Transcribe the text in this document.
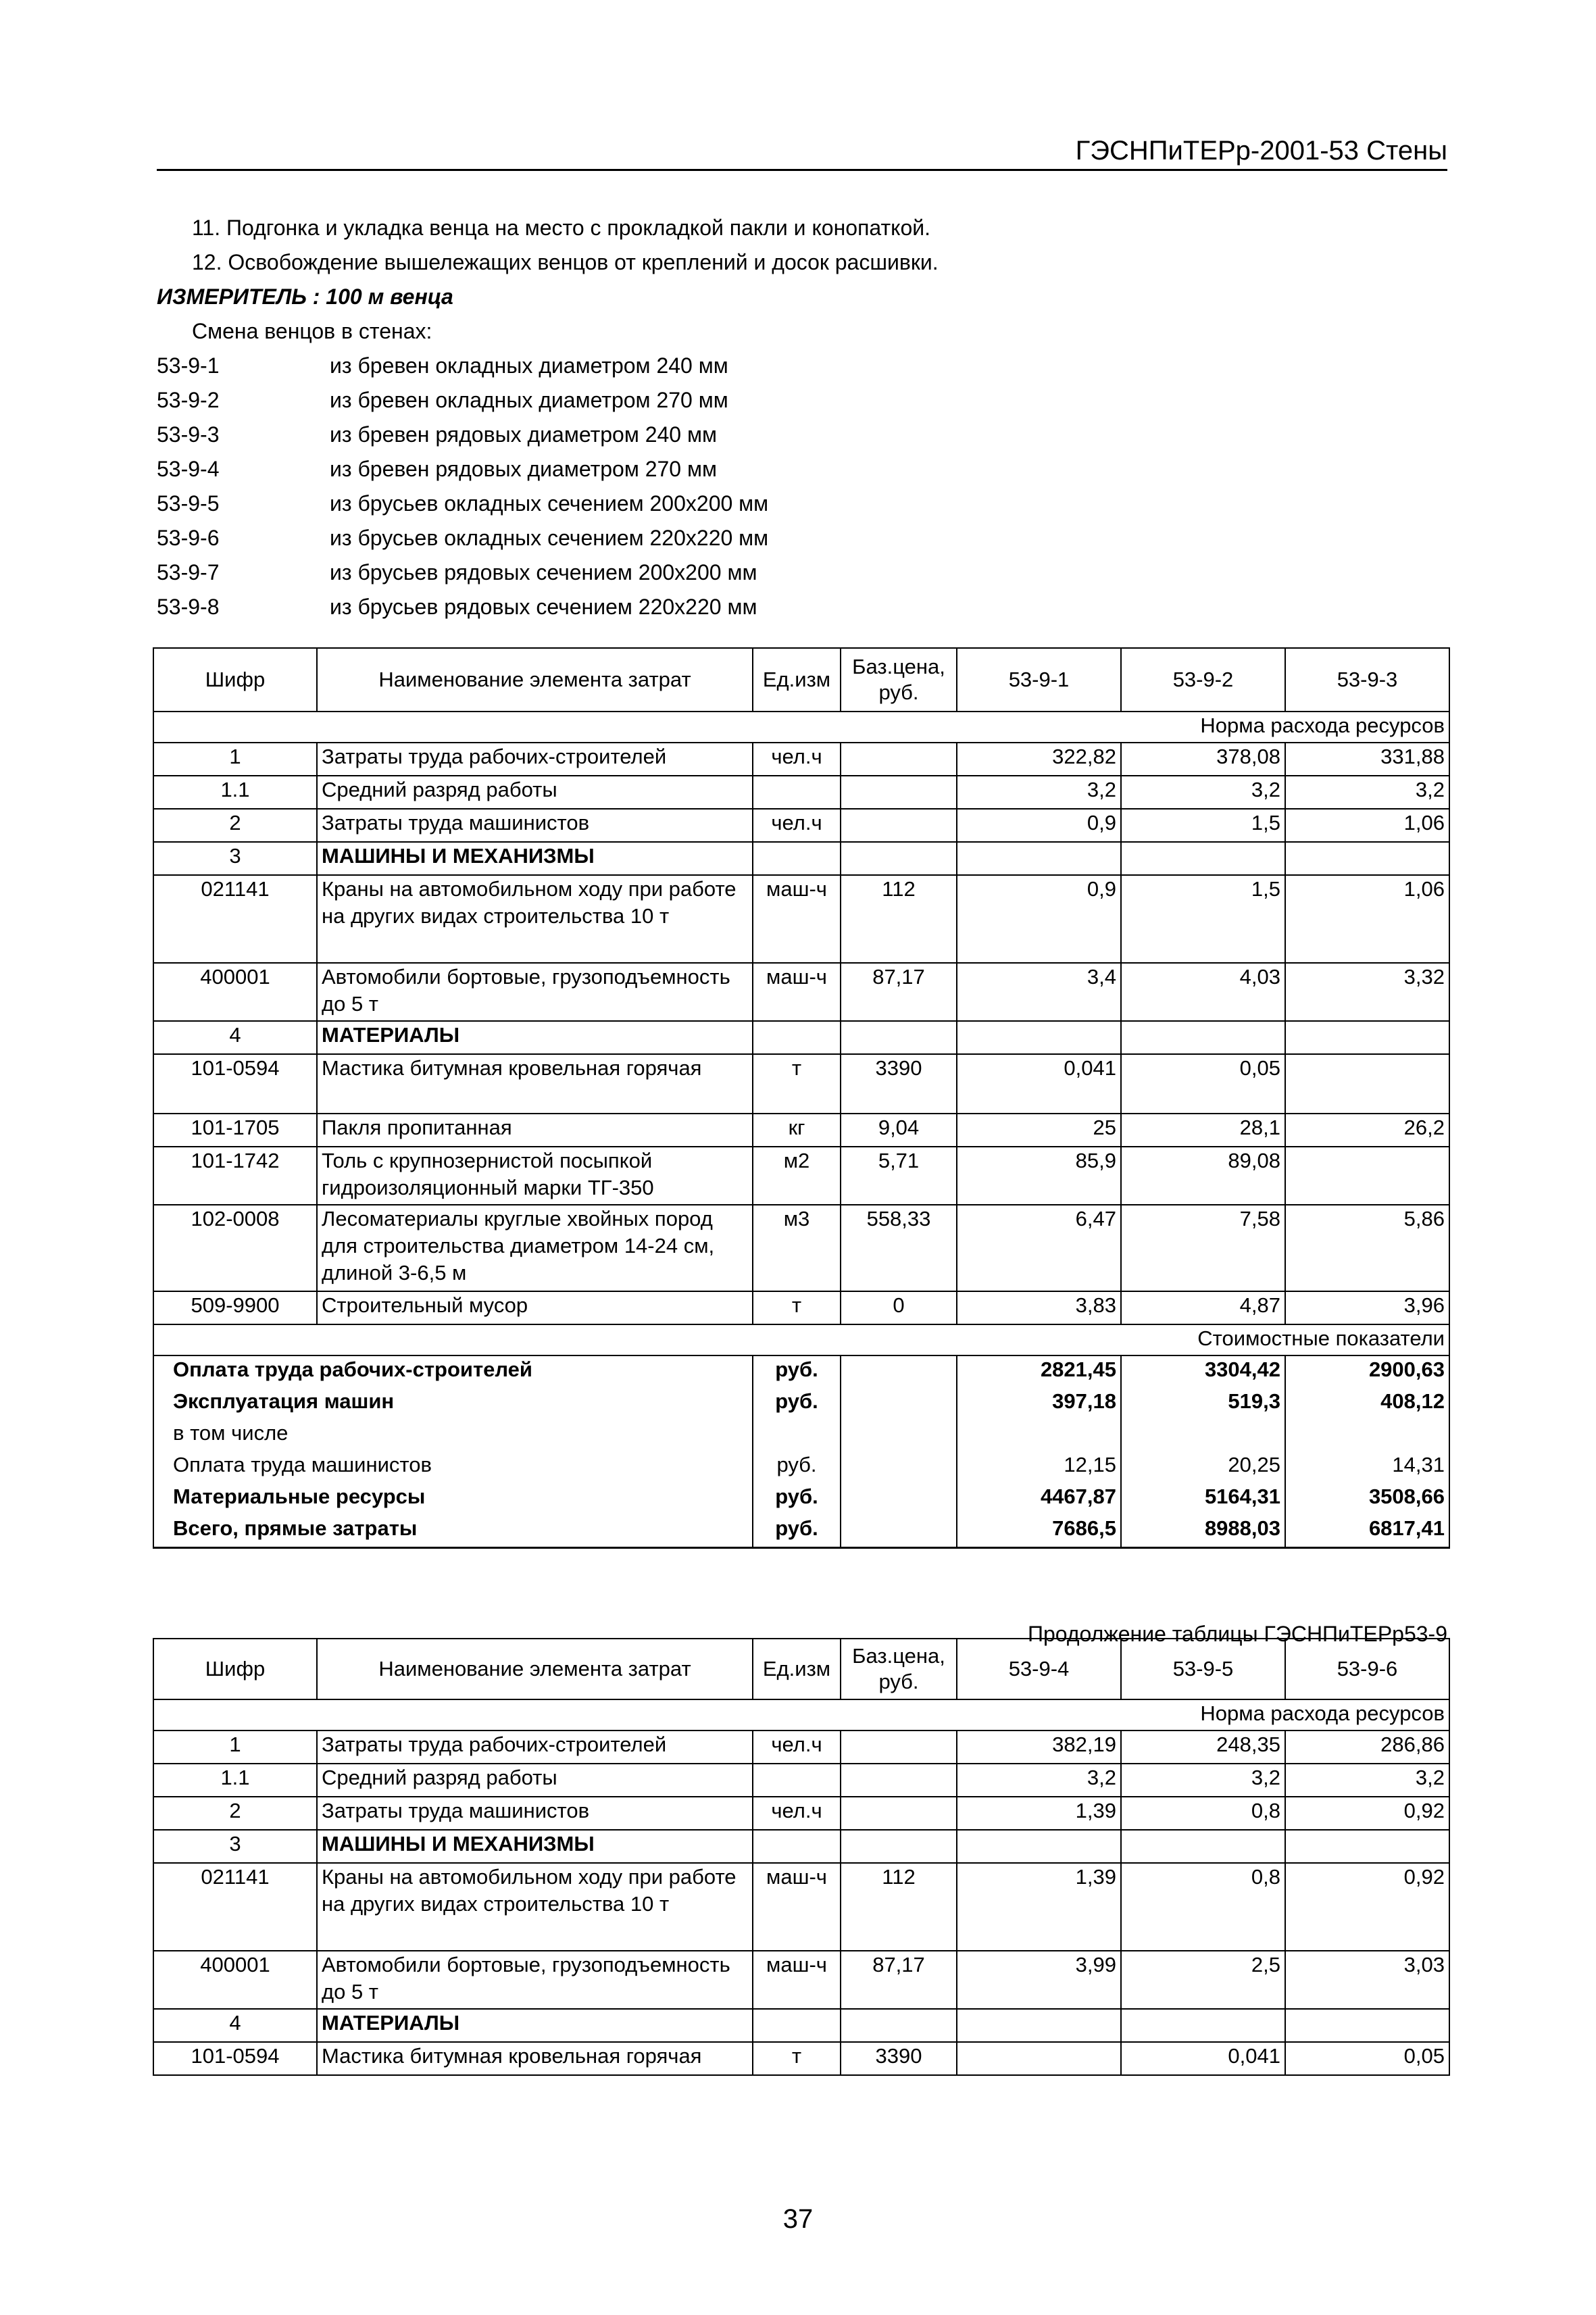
ГЭСНПиТЕРр-2001-53 Стены
11. Подгонка и укладка венца на место с прокладкой пакли и конопаткой.
12. Освобождение вышележащих венцов от креплений и досок расшивки.
ИЗМЕРИТЕЛЬ : 100 м венца
Смена венцов в стенах:
53-9-1	из бревен окладных диаметром 240 мм
53-9-2	из бревен окладных диаметром 270 мм
53-9-3	из бревен рядовых диаметром 240 мм
53-9-4	из бревен рядовых диаметром 270 мм
53-9-5	из брусьев окладных сечением 200х200 мм
53-9-6	из брусьев окладных сечением 220х220 мм
53-9-7	из брусьев рядовых сечением 200х200 мм
53-9-8	из брусьев рядовых сечением 220х220 мм
Шифр	Наименование элемента затрат	Ед.изм	Баз.цена, руб.	53-9-1	53-9-2	53-9-3
Норма расхода ресурсов						
1	Затраты труда рабочих-строителей	чел.ч		322,82	378,08	331,88
1.1	Средний разряд работы			3,2	3,2	3,2
2	Затраты труда машинистов	чел.ч		0,9	1,5	1,06
3	МАШИНЫ И МЕХАНИЗМЫ					
021141	Краны на автомобильном ходу при работе на других видах строительства 10 т	маш-ч	112	0,9	1,5	1,06
400001	Автомобили бортовые, грузоподъемность до 5 т	маш-ч	87,17	3,4	4,03	3,32
4	МАТЕРИАЛЫ					
101-0594	Мастика битумная кровельная горячая	т	3390	0,041	0,05	
101-1705	Пакля пропитанная	кг	9,04	25	28,1	26,2
101-1742	Толь с крупнозернистой посыпкой гидроизоляционный марки ТГ-350	м2	5,71	85,9	89,08	
102-0008	Лесоматериалы круглые хвойных пород для строительства диаметром 14-24 см, длиной 3-6,5 м	м3	558,33	6,47	7,58	5,86
509-9900	Строительный мусор	т	0	3,83	4,87	3,96
Стоимостные показатели						
Оплата труда рабочих-строителей		руб.		2821,45	3304,42	2900,63
Эксплуатация машин		руб.		397,18	519,3	408,12
в том числе						
Оплата труда машинистов		руб.		12,15	20,25	14,31
Материальные ресурсы		руб.		4467,87	5164,31	3508,66
Всего, прямые затраты		руб.		7686,5	8988,03	6817,41
Продолжение таблицы ГЭСНПиТЕРр53-9
Шифр	Наименование элемента затрат	Ед.изм	Баз.цена, руб.	53-9-4	53-9-5	53-9-6
Норма расхода ресурсов						
1	Затраты труда рабочих-строителей	чел.ч		382,19	248,35	286,86
1.1	Средний разряд работы			3,2	3,2	3,2
2	Затраты труда машинистов	чел.ч		1,39	0,8	0,92
3	МАШИНЫ И МЕХАНИЗМЫ					
021141	Краны на автомобильном ходу при работе на других видах строительства 10 т	маш-ч	112	1,39	0,8	0,92
400001	Автомобили бортовые, грузоподъемность до 5 т	маш-ч	87,17	3,99	2,5	3,03
4	МАТЕРИАЛЫ					
101-0594	Мастика битумная кровельная горячая	т	3390		0,041	0,05
37
